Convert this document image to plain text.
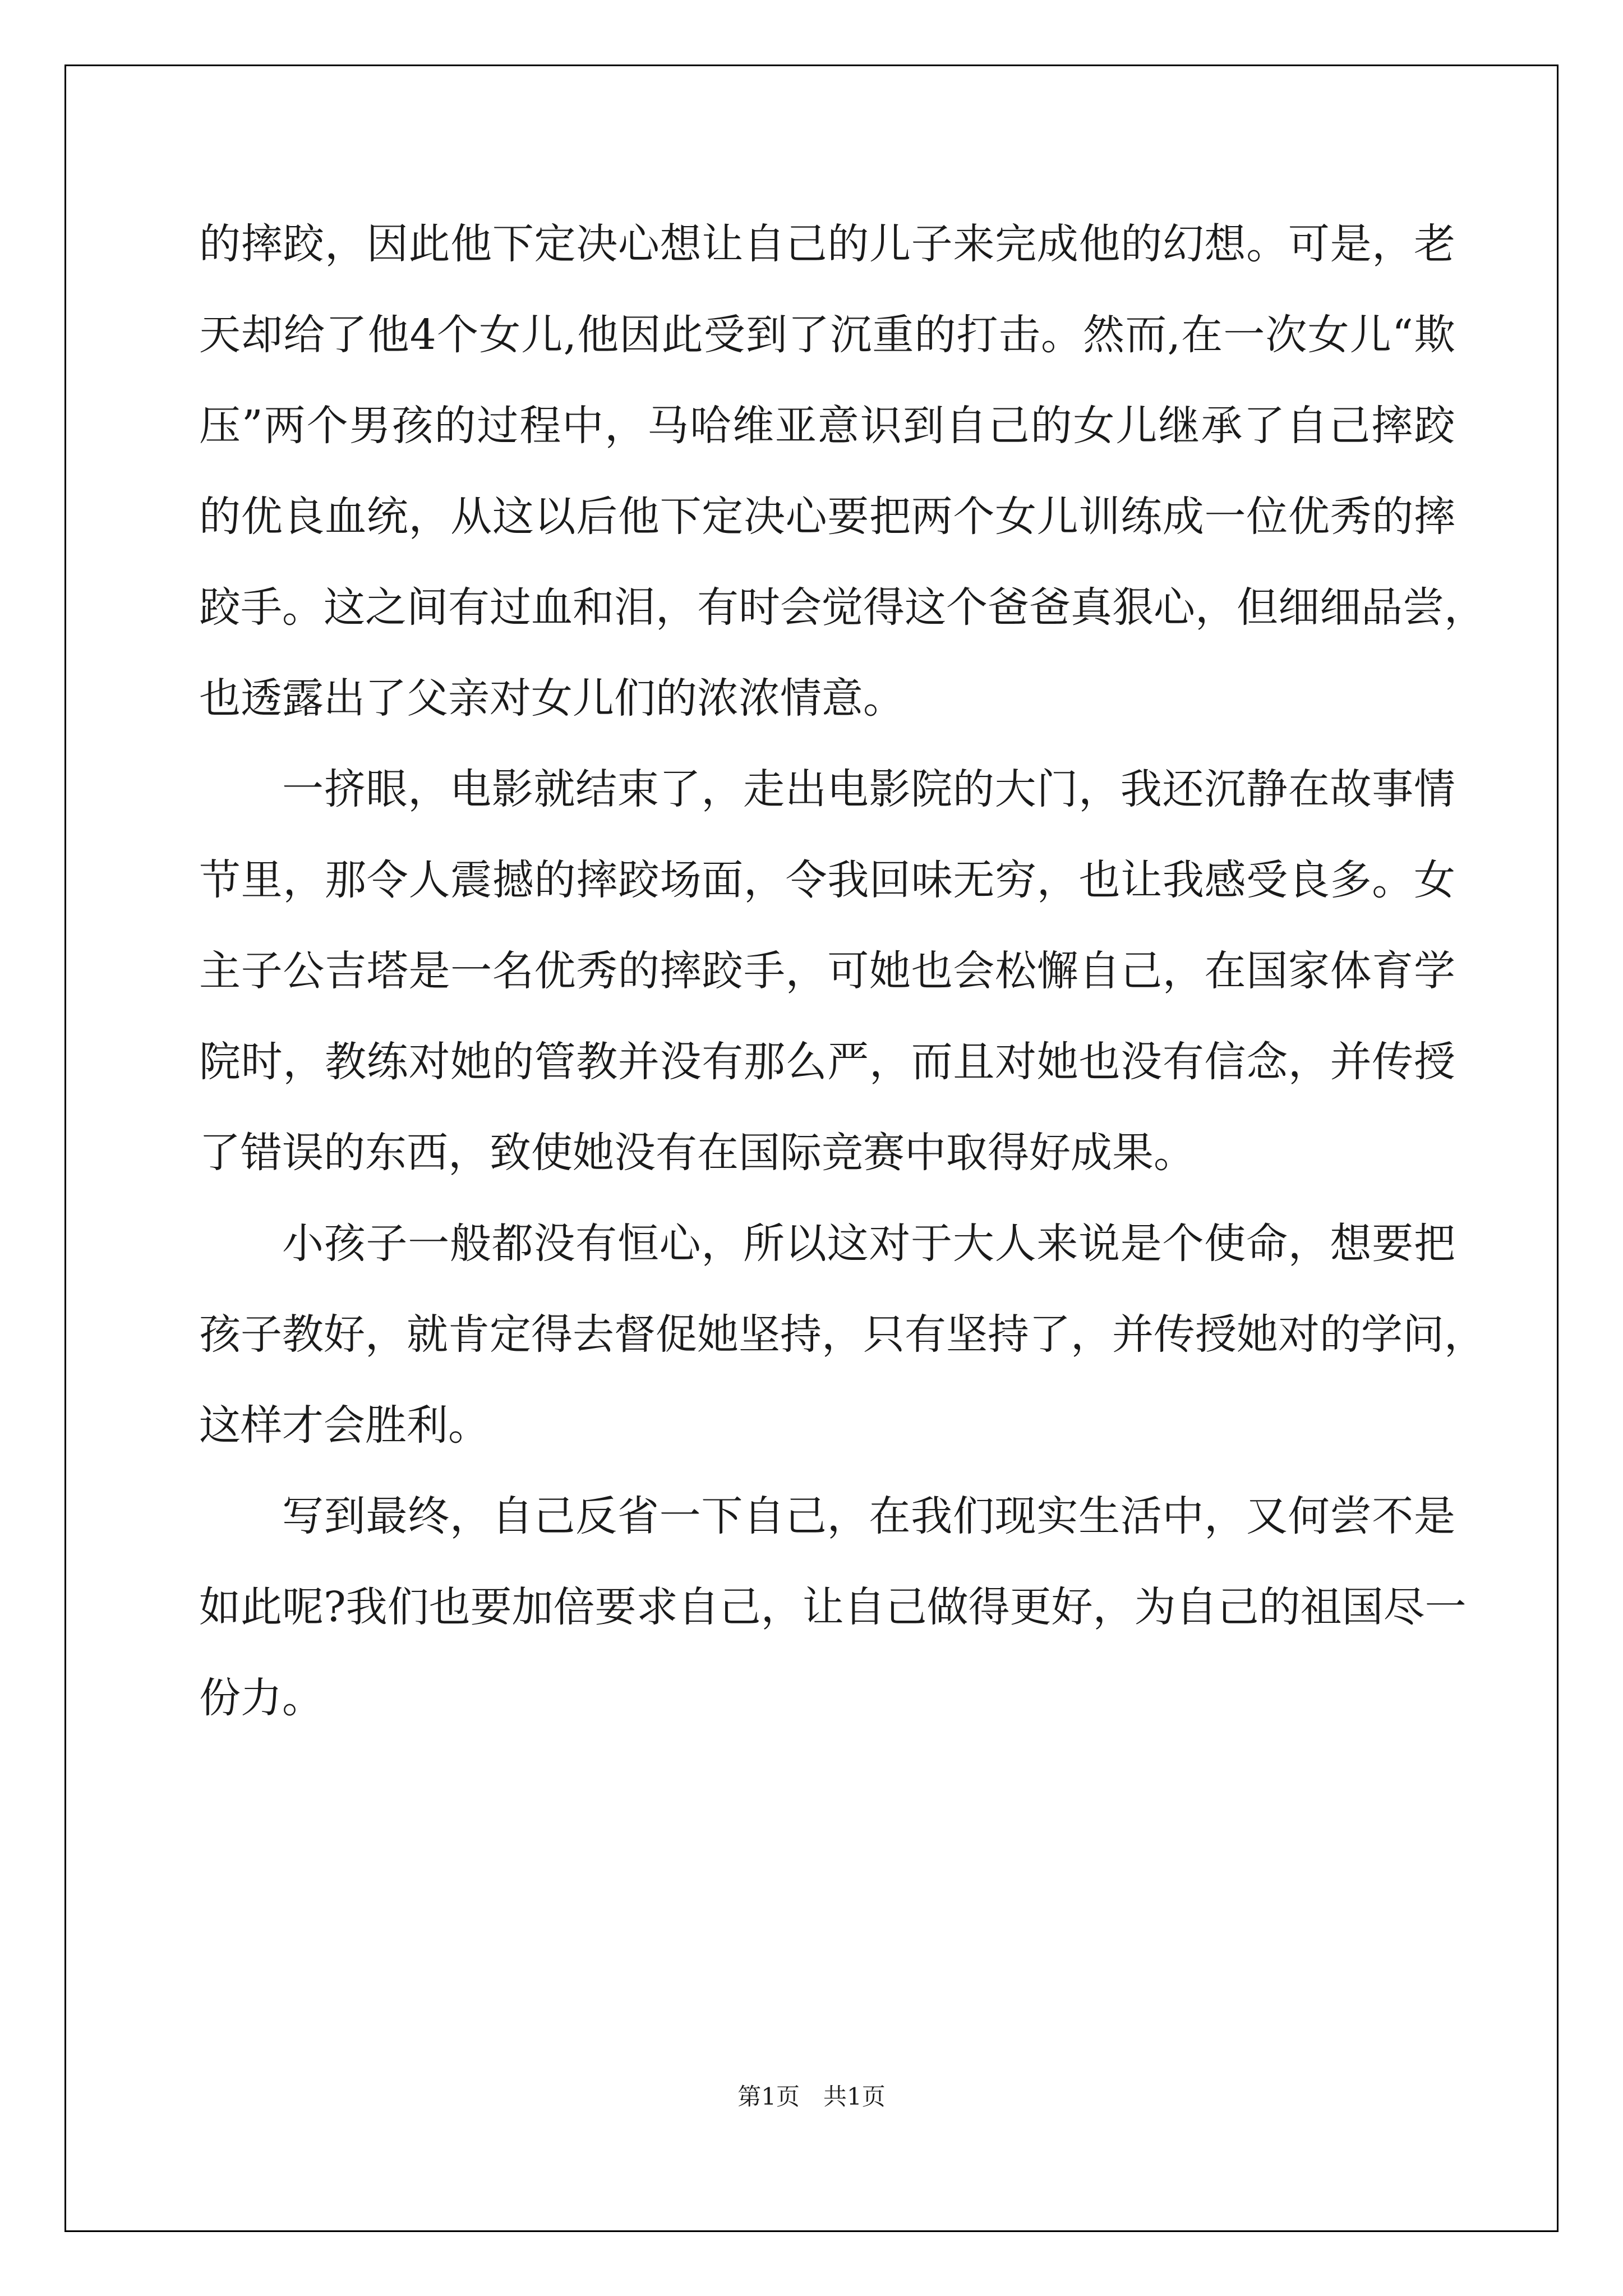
的摔跤，因此他下定决心想让自己的儿子来完成他的幻想。可是，老
天却给了他4个女儿,他因此受到了沉重的打击。然而,在一次女儿“欺
压”两个男孩的过程中，马哈维亚意识到自己的女儿继承了自己摔跤
的优良血统，从这以后他下定决心要把两个女儿训练成一位优秀的摔
跤手。这之间有过血和泪，有时会觉得这个爸爸真狠心，但细细品尝，
也透露出了父亲对女儿们的浓浓情意。
一挤眼，电影就结束了，走出电影院的大门，我还沉静在故事情
节里，那令人震撼的摔跤场面，令我回味无穷，也让我感受良多。女
主子公吉塔是一名优秀的摔跤手，可她也会松懈自己，在国家体育学
院时，教练对她的管教并没有那么严，而且对她也没有信念，并传授
了错误的东西，致使她没有在国际竞赛中取得好成果。
小孩子一般都没有恒心，所以这对于大人来说是个使命，想要把
孩子教好，就肯定得去督促她坚持，只有坚持了，并传授她对的学问，
这样才会胜利。
写到最终，自己反省一下自己，在我们现实生活中，又何尝不是
如此呢?我们也要加倍要求自己，让自己做得更好，为自己的祖国尽一
份力。
第1页　共1页
